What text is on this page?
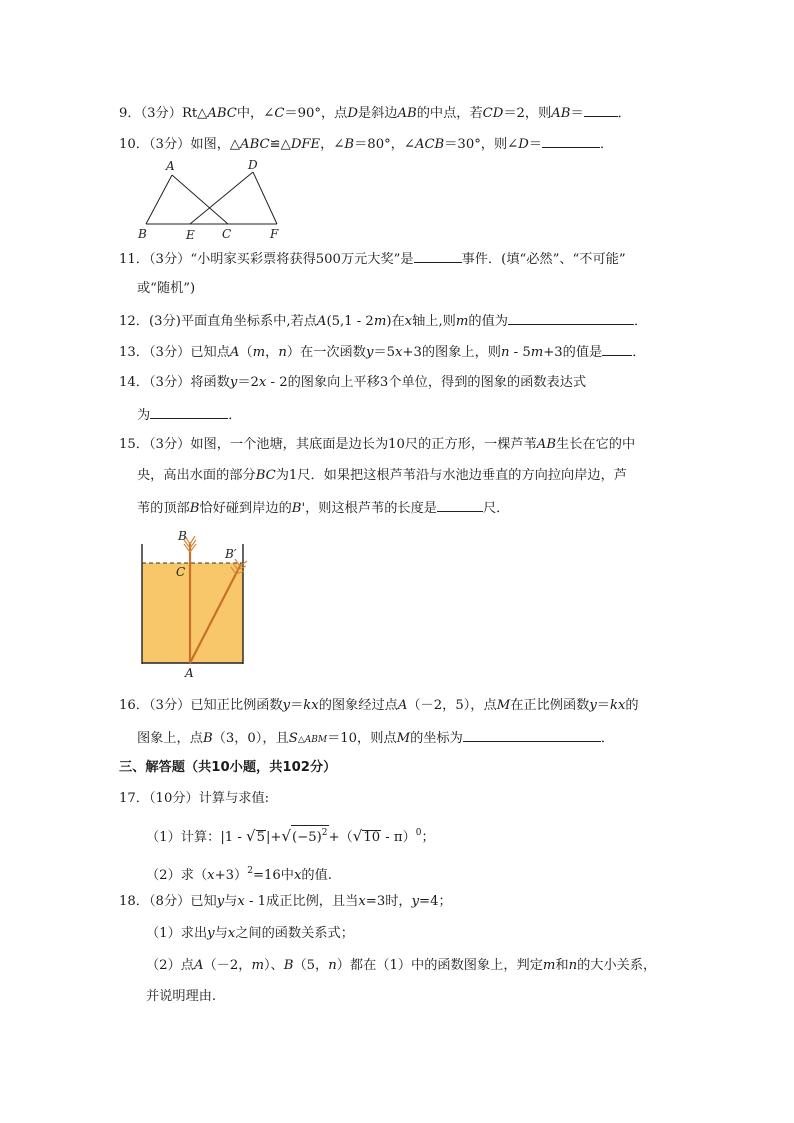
9．（3分）Rt△ABC中，∠C＝90°，点D是斜边AB的中点，若CD＝2，则AB＝	．
10．（3分）如图，△ABC≌△DFE，∠B＝80°，∠ACB＝30°，则∠D＝	．
A	D
B	E C	F
11．（3分）“小明家买彩票将获得500万元大奖”是	事件．(填“必然”、“不可能”
或“随机”)
12．(3分)平面直角坐标系中,若点A(5,1 - 2m)在x轴上,则m的值为	．
13．（3分）已知点A（m，n）在一次函数y＝5x+3的图象上，则n - 5m+3的值是 ．
14．（3分）将函数y＝2x - 2的图象向上平移3个单位，得到的图象的函数表达式
为	．
15．（3分）如图，一个池塘，其底面是边长为10尺的正方形，一棵芦苇AB生长在它的中
央，高出水面的部分BC为1尺．如果把这根芦苇沿与水池边垂直的方向拉向岸边，芦
苇的顶部B恰好碰到岸边的B'，则这根芦苇的长度是	尺．
B
B′
C
A
16．（3分）已知正比例函数y＝kx的图象经过点A（－2，5），点M在正比例函数y＝kx的
图象上，点B（3，0），且S△ABM＝10，则点M的坐标为	．
三、解答题（共10小题，共102分）
17．（10分）计算与求值:
（1）计算：$|1 - √5|+√(-5)^2+(√10 - \pi)^0$；
（2）求$(x+3)^2=16$中x的值.
18．（8分）已知y与x - 1成正比例，且当x=3时，y=4；
（1）求出y与x之间的函数关系式；
（2）点A（－2，m）、B（5，n）都在（1）中的函数图象上，判定m和n的大小关系，
并说明理由.
